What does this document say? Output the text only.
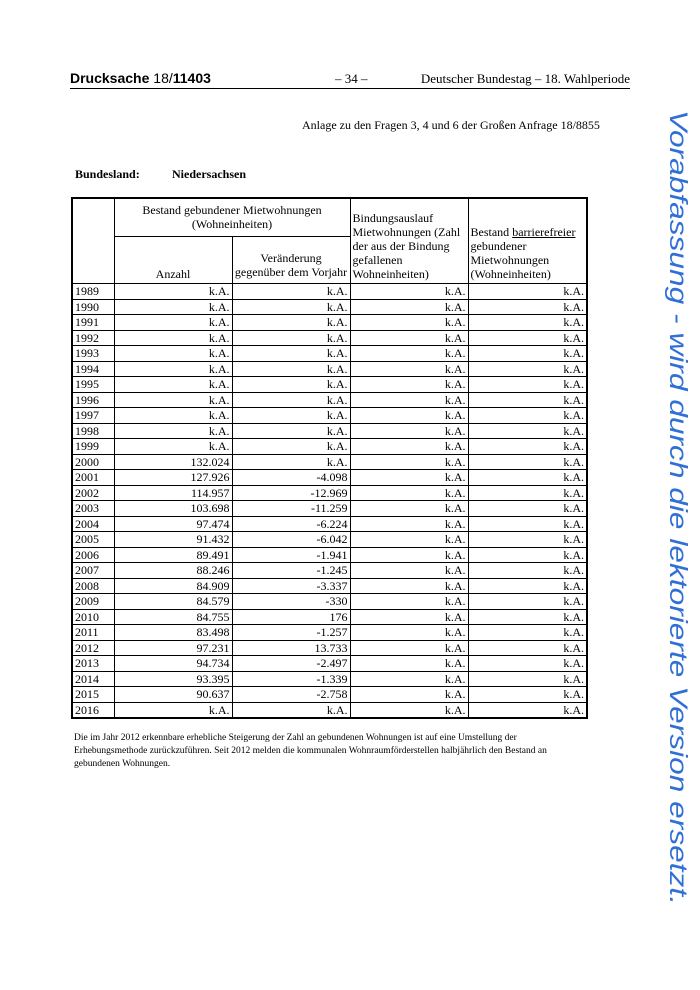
Drucksache 18/11403	– 34 –	Deutscher Bundestag – 18. Wahlperiode
Anlage zu den Fragen 3, 4 und 6 der Großen Anfrage 18/8855
Bundesland:	Niedersachsen
	Bestand gebundener Mietwohnungen (Wohneinheiten)		Bindungsauslauf Mietwohnungen (Zahl der aus der Bindung gefallenen Wohneinheiten)	Bestand barrierefreier gebundener Mietwohnungen (Wohneinheiten)
	Anzahl	Veränderung gegenüber dem Vorjahr		
1989	k.A.	k.A.	k.A.	k.A.
1990	k.A.	k.A.	k.A.	k.A.
1991	k.A.	k.A.	k.A.	k.A.
1992	k.A.	k.A.	k.A.	k.A.
1993	k.A.	k.A.	k.A.	k.A.
1994	k.A.	k.A.	k.A.	k.A.
1995	k.A.	k.A.	k.A.	k.A.
1996	k.A.	k.A.	k.A.	k.A.
1997	k.A.	k.A.	k.A.	k.A.
1998	k.A.	k.A.	k.A.	k.A.
1999	k.A.	k.A.	k.A.	k.A.
2000	132.024	k.A.	k.A.	k.A.
2001	127.926	-4.098	k.A.	k.A.
2002	114.957	-12.969	k.A.	k.A.
2003	103.698	-11.259	k.A.	k.A.
2004	97.474	-6.224	k.A.	k.A.
2005	91.432	-6.042	k.A.	k.A.
2006	89.491	-1.941	k.A.	k.A.
2007	88.246	-1.245	k.A.	k.A.
2008	84.909	-3.337	k.A.	k.A.
2009	84.579	-330	k.A.	k.A.
2010	84.755	176	k.A.	k.A.
2011	83.498	-1.257	k.A.	k.A.
2012	97.231	13.733	k.A.	k.A.
2013	94.734	-2.497	k.A.	k.A.
2014	93.395	-1.339	k.A.	k.A.
2015	90.637	-2.758	k.A.	k.A.
2016	k.A.	k.A.	k.A.	k.A.
Die im Jahr 2012 erkennbare erhebliche Steigerung der Zahl an gebundenen Wohnungen ist auf eine Umstellung der Erhebungsmethode zurückzuführen. Seit 2012 melden die kommunalen Wohnraumförderstellen halbjährlich den Bestand an gebundenen Wohnungen.
Vorabfassung - wird durch die lektorierte Version ersetzt.
